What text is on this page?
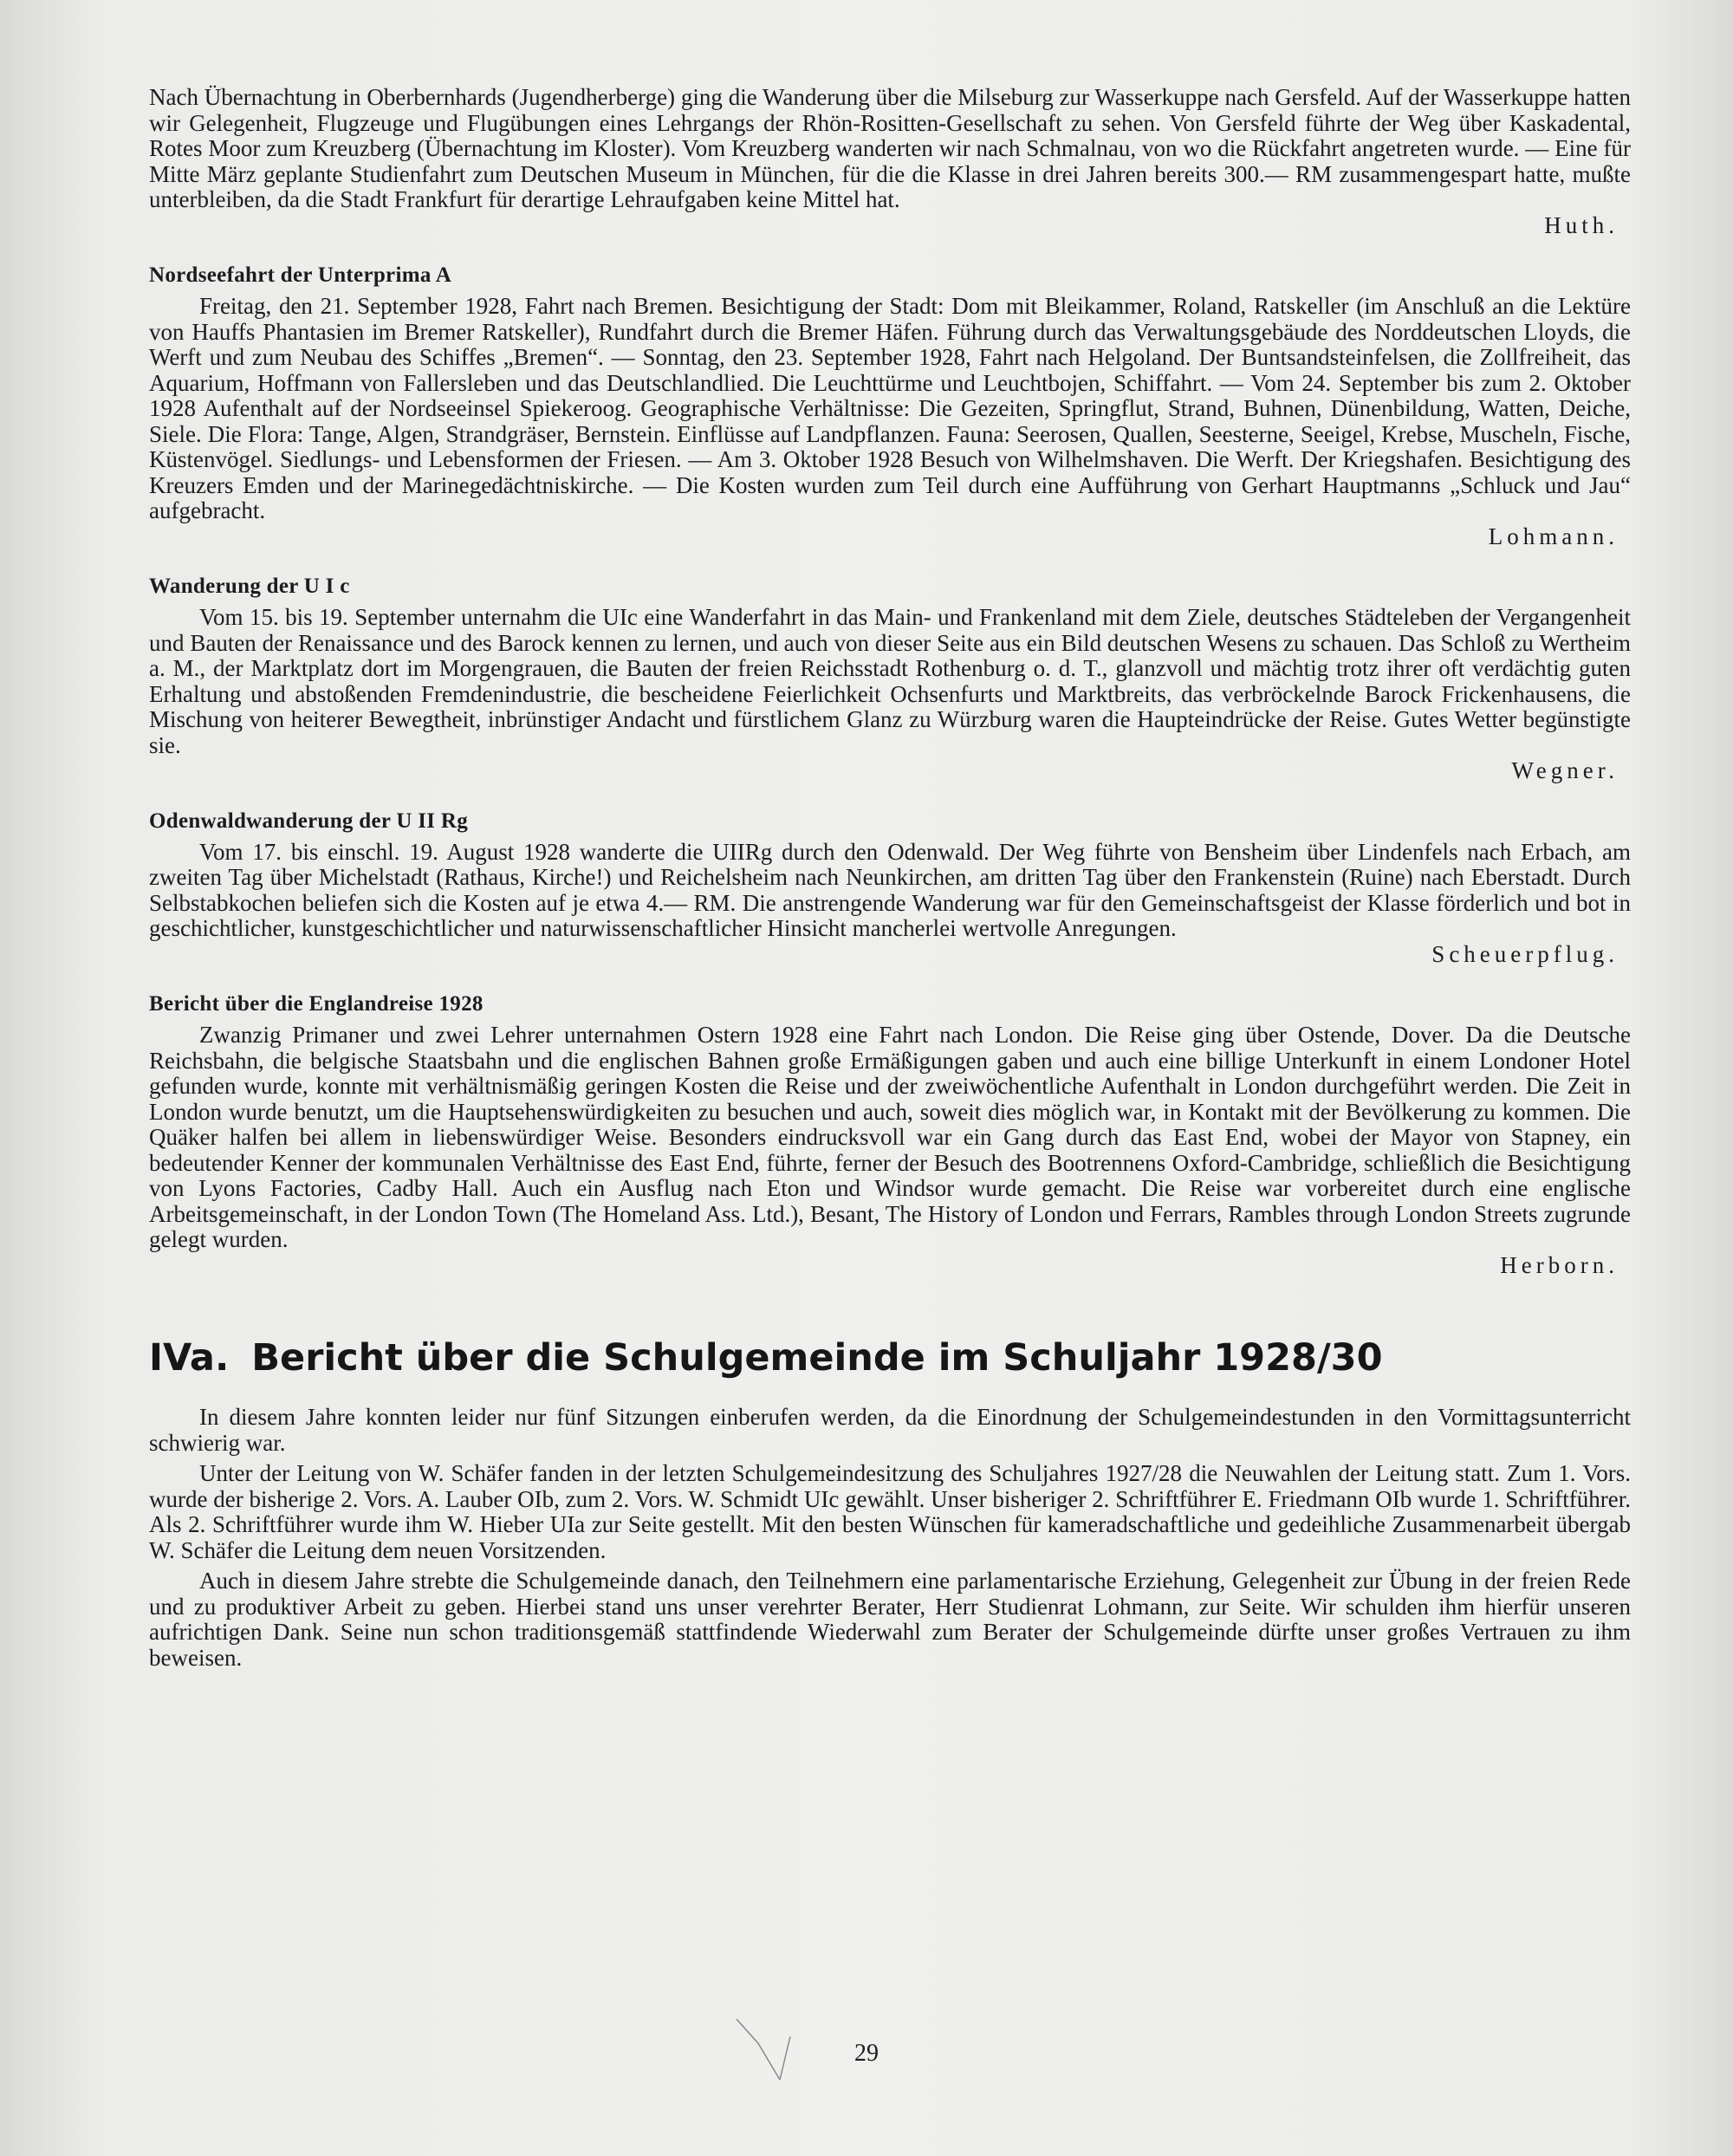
Nach Übernachtung in Oberbernhards (Jugendherberge) ging die Wanderung über die Milseburg zur Wasserkuppe nach Gersfeld. Auf der Wasserkuppe hatten wir Gelegenheit, Flugzeuge und Flugübungen eines Lehrgangs der Rhön-Rositten-Gesellschaft zu sehen. Von Gersfeld führte der Weg über Kaskadental, Rotes Moor zum Kreuzberg (Übernachtung im Kloster). Vom Kreuzberg wanderten wir nach Schmalnau, von wo die Rückfahrt angetreten wurde. — Eine für Mitte März geplante Studienfahrt zum Deutschen Museum in München, für die die Klasse in drei Jahren bereits 300.— RM zusammengespart hatte, mußte unterbleiben, da die Stadt Frankfurt für derartige Lehraufgaben keine Mittel hat.

Huth.

Nordseefahrt der Unterprima A

Freitag, den 21. September 1928, Fahrt nach Bremen. Besichtigung der Stadt: Dom mit Bleikammer, Roland, Ratskeller (im Anschluß an die Lektüre von Hauffs Phantasien im Bremer Ratskeller), Rundfahrt durch die Bremer Häfen. Führung durch das Verwaltungsgebäude des Norddeutschen Lloyds, die Werft und zum Neubau des Schiffes „Bremen“. — Sonntag, den 23. September 1928, Fahrt nach Helgoland. Der Buntsandsteinfelsen, die Zollfreiheit, das Aquarium, Hoffmann von Fallersleben und das Deutschlandlied. Die Leuchttürme und Leuchtbojen, Schiffahrt. — Vom 24. September bis zum 2. Oktober 1928 Aufenthalt auf der Nordseeinsel Spiekeroog. Geographische Verhältnisse: Die Gezeiten, Springflut, Strand, Buhnen, Dünenbildung, Watten, Deiche, Siele. Die Flora: Tange, Algen, Strandgräser, Bernstein. Einflüsse auf Landpflanzen. Fauna: Seerosen, Quallen, Seesterne, Seeigel, Krebse, Muscheln, Fische, Küstenvögel. Siedlungs- und Lebensformen der Friesen. — Am 3. Oktober 1928 Besuch von Wilhelmshaven. Die Werft. Der Kriegshafen. Besichtigung des Kreuzers Emden und der Marinegedächtniskirche. — Die Kosten wurden zum Teil durch eine Aufführung von Gerhart Hauptmanns „Schluck und Jau“ aufgebracht.

Lohmann.

Wanderung der U I c

Vom 15. bis 19. September unternahm die UIc eine Wanderfahrt in das Main- und Frankenland mit dem Ziele, deutsches Städteleben der Vergangenheit und Bauten der Renaissance und des Barock kennen zu lernen, und auch von dieser Seite aus ein Bild deutschen Wesens zu schauen. Das Schloß zu Wertheim a. M., der Marktplatz dort im Morgengrauen, die Bauten der freien Reichsstadt Rothenburg o. d. T., glanzvoll und mächtig trotz ihrer oft verdächtig guten Erhaltung und abstoßenden Fremdenindustrie, die bescheidene Feierlichkeit Ochsenfurts und Marktbreits, das verbröckelnde Barock Frickenhausens, die Mischung von heiterer Bewegtheit, inbrünstiger Andacht und fürstlichem Glanz zu Würzburg waren die Haupteindrücke der Reise. Gutes Wetter begünstigte sie.

Wegner.

Odenwaldwanderung der U II Rg

Vom 17. bis einschl. 19. August 1928 wanderte die UIIRg durch den Odenwald. Der Weg führte von Bensheim über Lindenfels nach Erbach, am zweiten Tag über Michelstadt (Rathaus, Kirche!) und Reichelsheim nach Neunkirchen, am dritten Tag über den Frankenstein (Ruine) nach Eberstadt. Durch Selbstabkochen beliefen sich die Kosten auf je etwa 4.— RM. Die anstrengende Wanderung war für den Gemeinschaftsgeist der Klasse förderlich und bot in geschichtlicher, kunstgeschichtlicher und naturwissenschaftlicher Hinsicht mancherlei wertvolle Anregungen.

Scheuerpflug.

Bericht über die Englandreise 1928

Zwanzig Primaner und zwei Lehrer unternahmen Ostern 1928 eine Fahrt nach London. Die Reise ging über Ostende, Dover. Da die Deutsche Reichsbahn, die belgische Staatsbahn und die englischen Bahnen große Ermäßigungen gaben und auch eine billige Unterkunft in einem Londoner Hotel gefunden wurde, konnte mit verhältnismäßig geringen Kosten die Reise und der zweiwöchentliche Aufenthalt in London durchgeführt werden. Die Zeit in London wurde benutzt, um die Hauptsehenswürdigkeiten zu besuchen und auch, soweit dies möglich war, in Kontakt mit der Bevölkerung zu kommen. Die Quäker halfen bei allem in liebenswürdiger Weise. Besonders eindrucksvoll war ein Gang durch das East End, wobei der Mayor von Stapney, ein bedeutender Kenner der kommunalen Verhältnisse des East End, führte, ferner der Besuch des Bootrennens Oxford-Cambridge, schließlich die Besichtigung von Lyons Factories, Cadby Hall. Auch ein Ausflug nach Eton und Windsor wurde gemacht. Die Reise war vorbereitet durch eine englische Arbeitsgemeinschaft, in der London Town (The Homeland Ass. Ltd.), Besant, The History of London und Ferrars, Rambles through London Streets zugrunde gelegt wurden.

Herborn.

IVa. Bericht über die Schulgemeinde im Schuljahr 1928/30

In diesem Jahre konnten leider nur fünf Sitzungen einberufen werden, da die Einordnung der Schulgemeindestunden in den Vormittagsunterricht schwierig war.

Unter der Leitung von W. Schäfer fanden in der letzten Schulgemeindesitzung des Schuljahres 1927/28 die Neuwahlen der Leitung statt. Zum 1. Vors. wurde der bisherige 2. Vors. A. Lauber OIb, zum 2. Vors. W. Schmidt UIc gewählt. Unser bisheriger 2. Schriftführer E. Friedmann OIb wurde 1. Schriftführer. Als 2. Schriftführer wurde ihm W. Hieber UIa zur Seite gestellt. Mit den besten Wünschen für kameradschaftliche und gedeihliche Zusammenarbeit übergab W. Schäfer die Leitung dem neuen Vorsitzenden.

Auch in diesem Jahre strebte die Schulgemeinde danach, den Teilnehmern eine parlamentarische Erziehung, Gelegenheit zur Übung in der freien Rede und zu produktiver Arbeit zu geben. Hierbei stand uns unser verehrter Berater, Herr Studienrat Lohmann, zur Seite. Wir schulden ihm hierfür unseren aufrichtigen Dank. Seine nun schon traditionsgemäß stattfindende Wiederwahl zum Berater der Schulgemeinde dürfte unser großes Vertrauen zu ihm beweisen.

29
